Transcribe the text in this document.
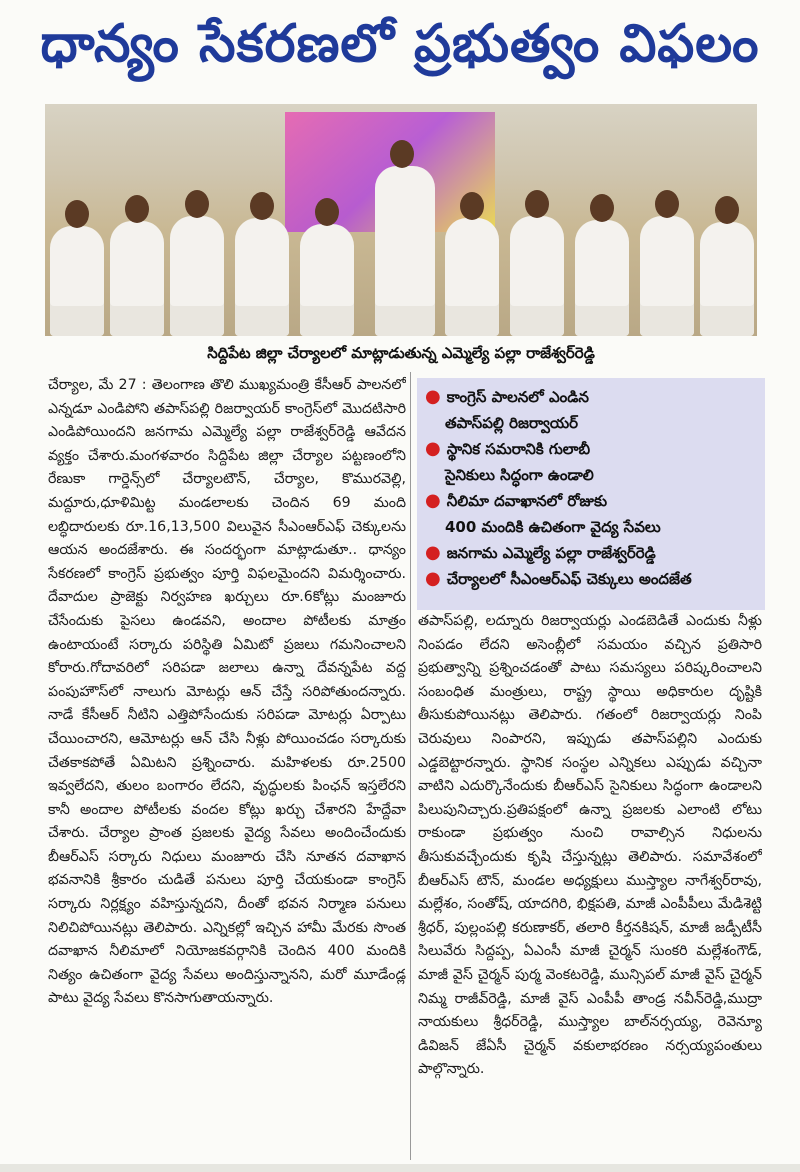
ధాన్యం సేకరణలో ప్రభుత్వం విఫలం
సిద్దిపేట జిల్లా చేర్యాలలో మాట్లాడుతున్న ఎమ్మెల్యే పల్లా రాజేశ్వర్‌రెడ్డి
చేర్యాల, మే 27 : తెలంగాణ తొలి ముఖ్యమంత్రి కేసీఆర్ పాలనలో ఎన్నడూ ఎండిపోని తపాస్‌పల్లి రిజర్వాయర్ కాంగ్రెస్‌లో మొదటిసారి ఎండిపోయిందని జనగామ ఎమ్మెల్యే పల్లా రాజేశ్వర్‌రెడ్డి ఆవేదన వ్యక్తం చేశారు.మంగళవారం సిద్దిపేట జిల్లా చేర్యాల పట్టణంలోని రేణుకా గార్డెన్స్‌లో చేర్యాలటౌన్, చేర్యాల, కొమురవెల్లి, మద్దూరు,ధూళిమిట్ట మండలాలకు చెందిన 69 మంది లబ్ధిదారులకు రూ.16,13,500 విలువైన సీఎంఆర్‌ఎఫ్ చెక్కులను ఆయన అందజేశారు. ఈ సందర్భంగా మాట్లాడుతూ.. ధాన్యం సేకరణలో కాంగ్రెస్ ప్రభుత్వం పూర్తి విఫలమైందని విమర్శించారు. దేవాదుల ప్రాజెక్టు నిర్వహణ ఖర్చులు రూ.6కోట్లు మంజూరు చేసేందుకు పైసలు ఉండవని, అందాల పోటీలకు మాత్రం ఉంటాయంటే సర్కారు పరిస్థితి ఏమిటో ప్రజలు గమనించాలని కోరారు.గోదావరిలో సరిపడా జలాలు ఉన్నా దేవన్నపేట వద్ద పంపుహౌస్‌లో నాలుగు మోటర్లు ఆన్ చేస్తే సరిపోతుందన్నారు. నాడే కేసీఆర్ నీటిని ఎత్తిపోసేందుకు సరిపడా మోటర్లు ఏర్పాటు చేయించారని, ఆమోటర్లు ఆన్ చేసి నీళ్లు పోయించడం సర్కారుకు చేతకాకపోతే ఏమిటని ప్రశ్నించారు. మహిళలకు రూ.2500 ఇవ్వలేదని, తులం బంగారం లేదని, వృద్ధులకు పింఛన్ ఇస్తలేరని కానీ అందాల పోటీలకు వందల కోట్లు ఖర్చు చేశారని హేద్దేవా చేశారు. చేర్యాల ప్రాంత ప్రజలకు వైద్య సేవలు అందించేందుకు బీఆర్‌ఎస్ సర్కారు నిధులు మంజూరు చేసి నూతన దవాఖాన భవనానికి శ్రీకారం చుడితే పనులు పూర్తి చేయకుండా కాంగ్రెస్ సర్కారు నిర్లక్ష్యం వహిస్తున్నదని, దీంతో భవన నిర్మాణ పనులు నిలిచిపోయినట్లు తెలిపారు. ఎన్నికల్లో ఇచ్చిన హామీ మేరకు సొంత దవాఖాన నీలిమాలో నియోజకవర్గానికి చెందిన 400 మందికి నిత్యం ఉచితంగా వైద్య సేవలు అందిస్తున్నానని, మరో మూడేండ్ల పాటు వైద్య సేవలు కొనసాగుతాయన్నారు.
● కాంగ్రెస్ పాలనలో ఎండిన
తపాస్‌పల్లి రిజర్వాయర్
● స్థానిక సమరానికి గులాబీ
సైనికులు సిద్ధంగా ఉండాలి
● నీలిమా దవాఖానలో రోజుకు
400 మందికి ఉచితంగా వైద్య సేవలు
● జనగామ ఎమ్మెల్యే పల్లా రాజేశ్వర్‌రెడ్డి
● చేర్యాలలో సీఎంఆర్‌ఎఫ్ చెక్కులు అందజేత
తపాస్‌పల్లి, లద్నూరు రిజర్వాయర్లు ఎండబెడితే ఎందుకు నీళ్లు నింపడం లేదని అసెంబ్లీలో సమయం వచ్చిన ప్రతిసారి ప్రభుత్వాన్ని ప్రశ్నించడంతో పాటు సమస్యలు పరిష్కరించాలని సంబంధిత మంత్రులు, రాష్ట్ర స్థాయి అధికారుల దృష్టికి తీసుకుపోయినట్లు తెలిపారు. గతంలో రిజర్వాయర్లు నింపి చెరువులు నింపారని, ఇప్పుడు తపాస్‌పల్లిని ఎందుకు ఎడ్డబెట్టారన్నారు. స్థానిక సంస్థల ఎన్నికలు ఎప్పుడు వచ్చినా వాటిని ఎదుర్కొనేందుకు బీఆర్‌ఎస్ సైనికులు సిద్ధంగా ఉండాలని పిలుపునిచ్చారు.ప్రతిపక్షంలో ఉన్నా ప్రజలకు ఎలాంటి లోటు రాకుండా ప్రభుత్వం నుంచి రావాల్సిన నిధులను తీసుకువచ్చేందుకు కృషి చేస్తున్నట్లు తెలిపారు. సమావేశంలో బీఆర్‌ఎస్ టౌన్, మండల అధ్యక్షులు ముస్త్యాల నాగేశ్వర్‌రావు, మల్లేశం, సంతోష్, యాదగిరి, భిక్షపతి, మాజీ ఎంపీపీలు మేడిశెట్టి శ్రీధర్, పుల్లంపల్లి కరుణాకర్, తలారి కీర్తనకిషన్, మాజీ జడ్పీటీసీ సిలువేరు సిద్దప్ప, ఏఎంసీ మాజీ చైర్మన్ సుంకరి మల్లేశంగౌడ్, మాజీ వైస్ చైర్మన్ పుర్మ వెంకటరెడ్డి, మున్సిపల్ మాజీ వైస్ చైర్మన్ నిమ్మ రాజీవ్‌రెడ్డి, మాజీ వైస్ ఎంపీపీ తాండ్ర నవీన్‌రెడ్డి,ముద్రా నాయకులు శ్రీధర్‌రెడ్డి, ముస్త్యాల బాల్‌నర్సయ్య, రెవెన్యూ డివిజన్ జేఏసీ చైర్మన్ వకులాభరణం నర్సయ్యపంతులు పాల్గొన్నారు.
